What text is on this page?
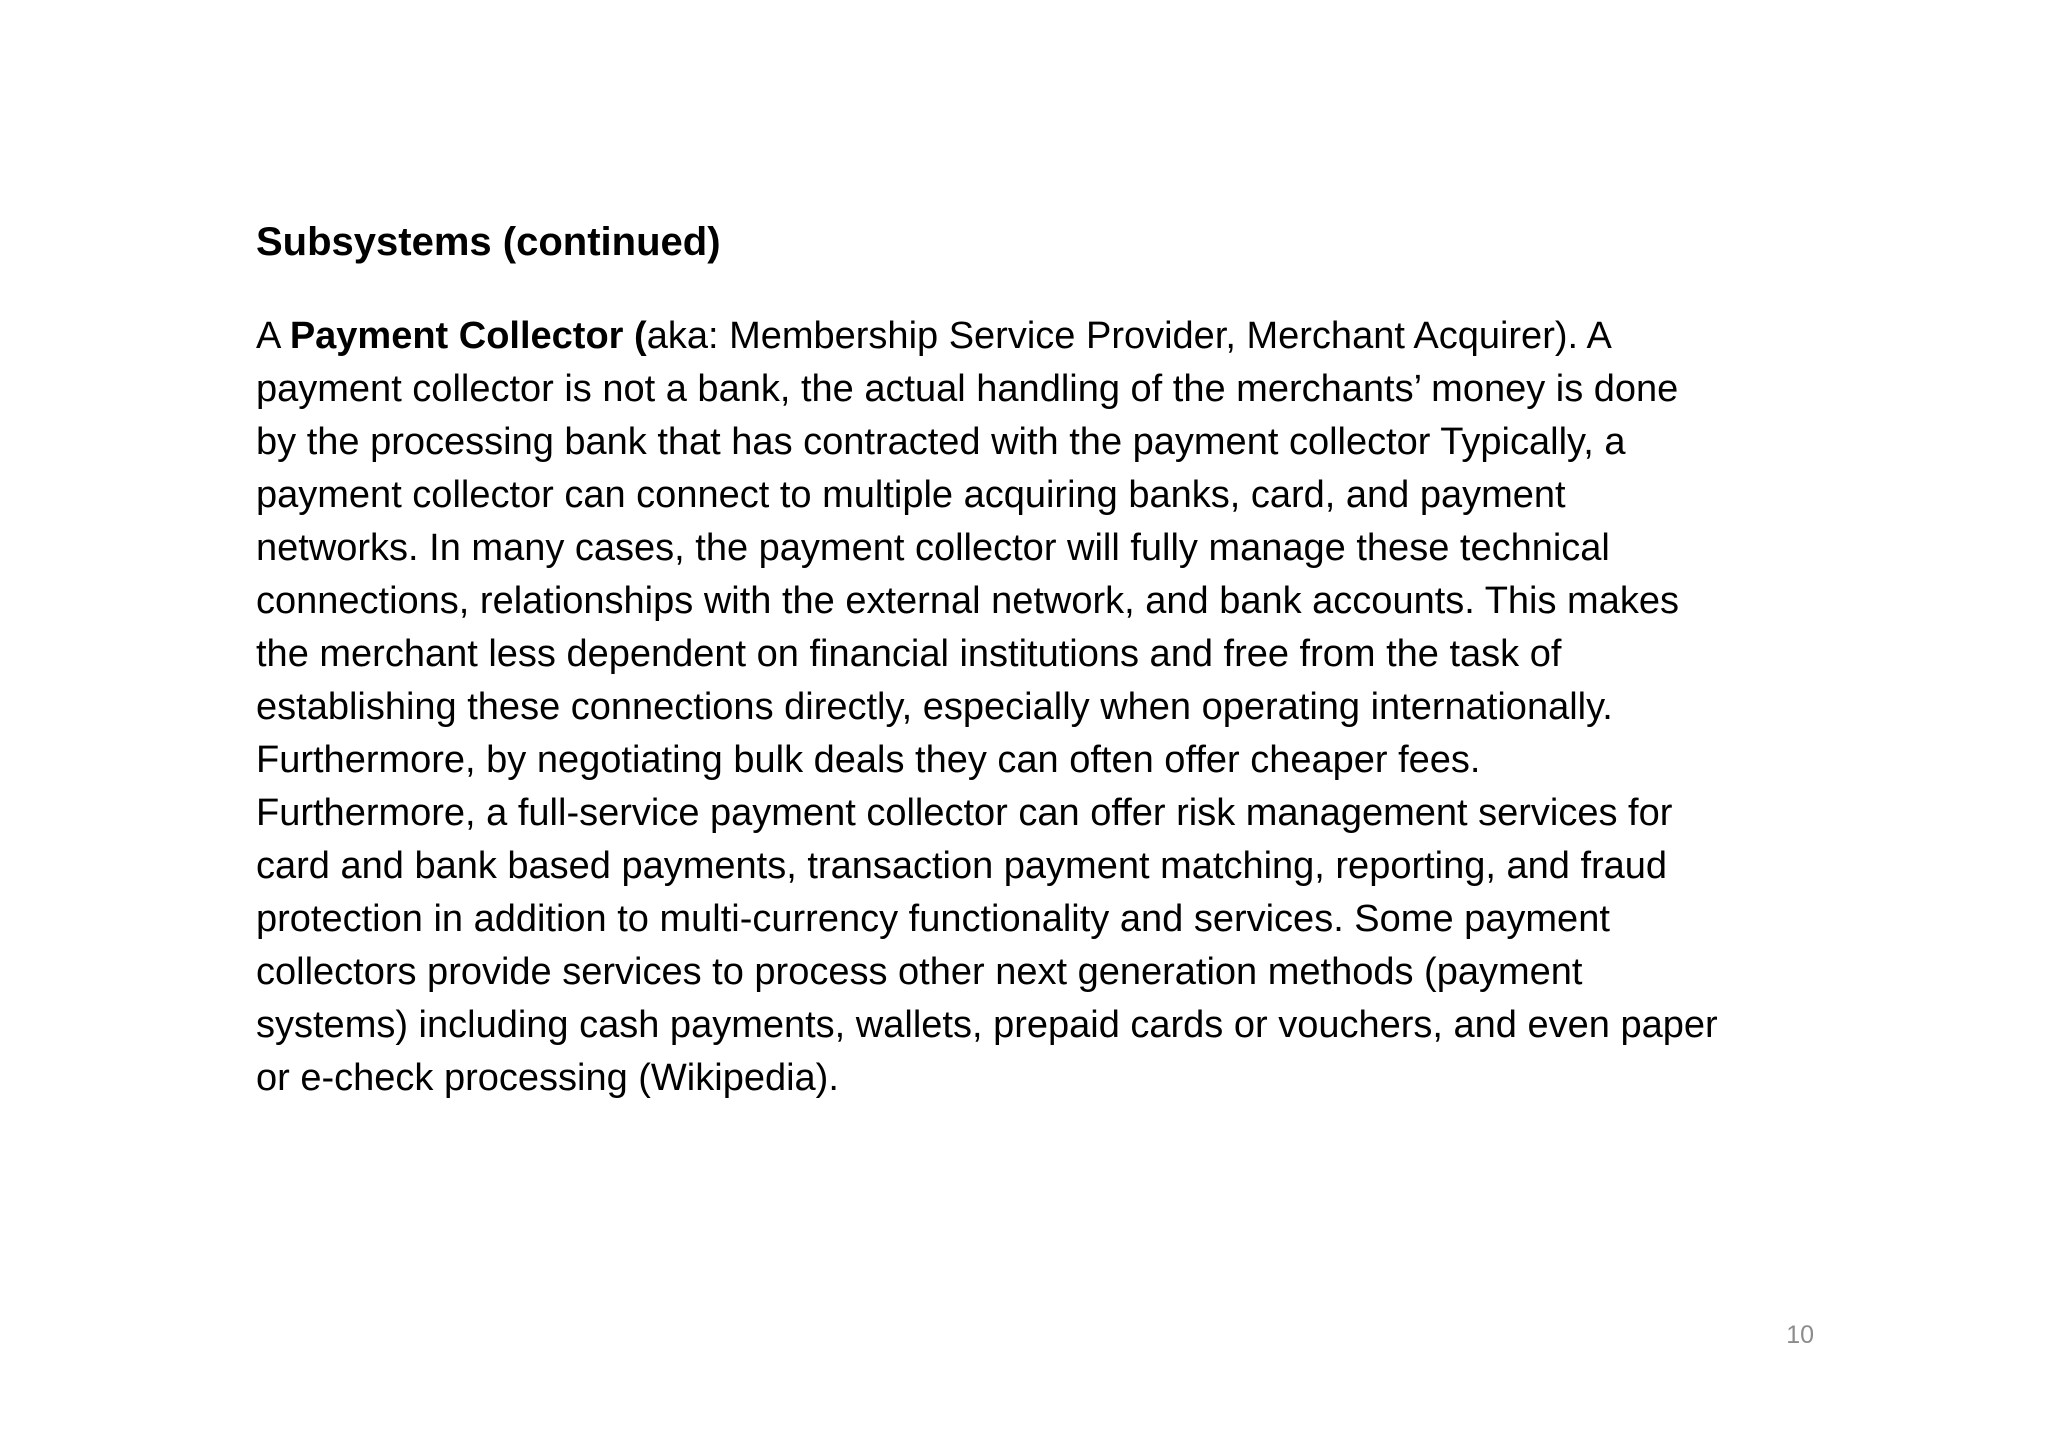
Subsystems (continued)
A Payment Collector (aka: Membership Service Provider, Merchant Acquirer). A
payment collector is not a bank, the actual handling of the merchants’ money is done
by the processing bank that has contracted with the payment collector Typically, a
payment collector can connect to multiple acquiring banks, card, and payment
networks. In many cases, the payment collector will fully manage these technical
connections, relationships with the external network, and bank accounts. This makes
the merchant less dependent on financial institutions and free from the task of
establishing these connections directly, especially when operating internationally.
Furthermore, by negotiating bulk deals they can often offer cheaper fees.
Furthermore, a full-service payment collector can offer risk management services for
card and bank based payments, transaction payment matching, reporting, and fraud
protection in addition to multi-currency functionality and services. Some payment
collectors provide services to process other next generation methods (payment
systems) including cash payments, wallets, prepaid cards or vouchers, and even paper
or e-check processing (Wikipedia).
10
